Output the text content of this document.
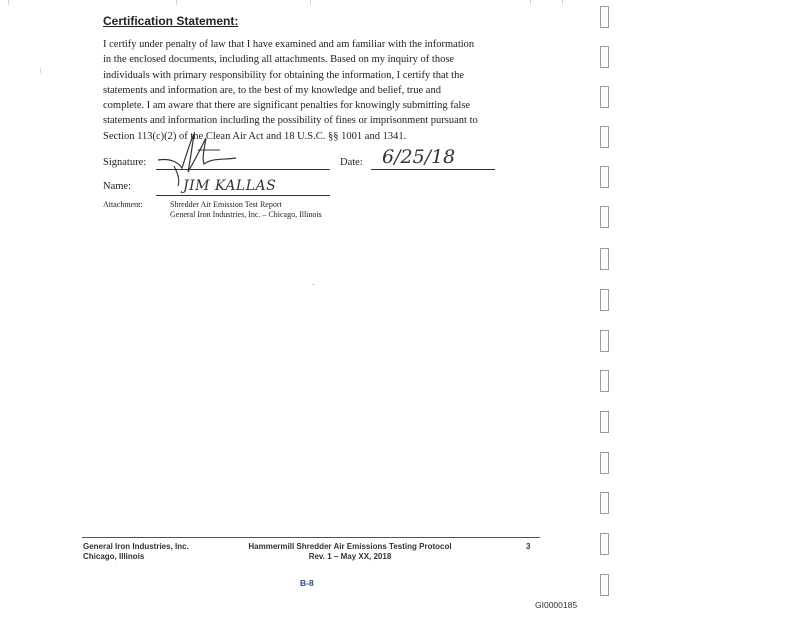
Certification Statement:
I certify under penalty of law that I have examined and am familiar with the information
in the enclosed documents, including all attachments. Based on my inquiry of those
individuals with primary responsibility for obtaining the information, I certify that the
statements and information are, to the best of my knowledge and belief, true and
complete. I am aware that there are significant penalties for knowingly submitting false
statements and information including the possibility of fines or imprisonment pursuant to
Section 113(c)(2) of the Clean Air Act and 18 U.S.C. §§ 1001 and 1341.
Signature:	Date: 6/25/18
Name:	JIM KALLAS
Attachment:	Shredder Air Emission Test Report
General Iron Industries, Inc. – Chicago, Illinois
General Iron Industries, Inc.
Chicago, Illinois
Hammermill Shredder Air Emissions Testing Protocol
Rev. 1 – May XX, 2018
3
B-8
GI0000185
